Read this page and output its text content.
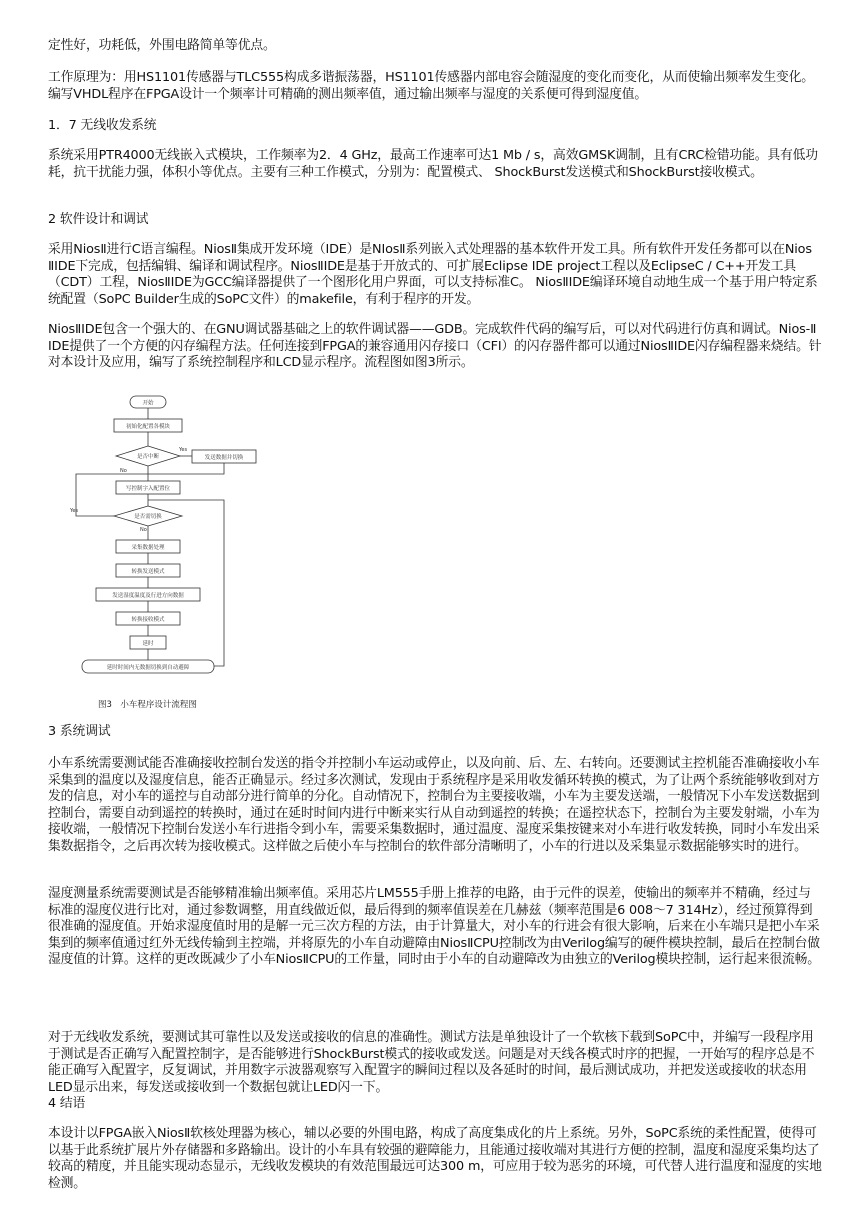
定性好，功耗低，外围电路简单等优点。

工作原理为：用HS1101传感器与TLC555构成多谐振荡器，HS1101传感器内部电容会随湿度的变化而变化，从而使输出频率发生变化。编写VHDL程序在FPGA设计一个频率计可精确的测出频率值，通过输出频率与湿度的关系便可得到湿度值。

1．7 无线收发系统

系统采用PTR4000无线嵌入式模块，工作频率为2．4 GHz，最高工作速率可达1 Mb / s，高效GMSK调制，且有CRC检错功能。具有低功耗，抗干扰能力强，体积小等优点。主要有三种工作模式，分别为：配置模式、 ShockBurst发送模式和ShockBurst接收模式。

2 软件设计和调试

采用NiosⅡ进行C语言编程。NiosⅡ集成开发环境（IDE）是NIosⅡ系列嵌入式处理器的基本软件开发工具。所有软件开发任务都可以在Nios ⅡIDE下完成，包括编辑、编译和调试程序。NiosⅡIDE是基于开放式的、可扩展Eclipse IDE project工程以及EclipseC / C++开发工具（CDT）工程，NiosⅡIDE为GCC编译器提供了一个图形化用户界面，可以支持标准C。 NiosⅡIDE编译环境自动地生成一个基于用户特定系统配置（SoPC Builder生成的SoPC文件）的makefile，有利于程序的开发。

NiosⅡIDE包含一个强大的、在GNU调试器基础之上的软件调试器——GDB。完成软件代码的编写后，可以对代码进行仿真和调试。Nios-Ⅱ IDE提供了一个方便的闪存编程方法。任何连接到FPGA的兼容通用闪存接口（CFI）的闪存器件都可以通过NiosⅡIDE闪存编程器来烧结。针对本设计及应用，编写了系统控制程序和LCD显示程序。流程图如图3所示。

开始
初始化配置各模块
是否中断
Yes
发送数据并切换
No
写控制字入配置位
是否需切换
Yes
No
采集数据处理
转换发送模式
发送湿度温度及行进方向数据
转换接收模式
延时
延时时间内无数据切换到自动避障
图3　小车程序设计流程图

3 系统调试

小车系统需要测试能否准确接收控制台发送的指令并控制小车运动或停止，以及向前、后、左、右转向。还要测试主控机能否准确接收小车采集到的温度以及湿度信息，能否正确显示。经过多次测试，发现由于系统程序是采用收发循环转换的模式，为了让两个系统能够收到对方发的信息，对小车的遥控与自动部分进行简单的分化。自动情况下，控制台为主要接收端，小车为主要发送端，一般情况下小车发送数据到控制台，需要自动到遥控的转换时，通过在延时时间内进行中断来实行从自动到遥控的转换；在遥控状态下，控制台为主要发射端，小车为接收端，一般情况下控制台发送小车行进指令到小车，需要采集数据时，通过温度、湿度采集按键来对小车进行收发转换，同时小车发出采集数据指令，之后再次转为接收模式。这样做之后使小车与控制台的软件部分清晰明了，小车的行进以及采集显示数据能够实时的进行。

湿度测量系统需要测试是否能够精准输出频率值。采用芯片LM555手册上推荐的电路，由于元件的误差，使输出的频率并不精确，经过与标准的湿度仪进行比对，通过参数调整，用直线做近似，最后得到的频率值误差在几赫兹（频率范围是6 008～7 314Hz），经过预算得到很准确的湿度值。开始求湿度值时用的是解一元三次方程的方法，由于计算量大，对小车的行进会有很大影响，后来在小车端只是把小车采集到的频率值通过红外无线传输到主控端，并将原先的小车自动避障由NiosⅡCPU控制改为由Verilog编写的硬件模块控制，最后在控制台做湿度值的计算。这样的更改既减少了小车NiosⅡCPU的工作量，同时由于小车的自动避障改为由独立的Verilog模块控制，运行起来很流畅。

对于无线收发系统，要测试其可靠性以及发送或接收的信息的准确性。测试方法是单独设计了一个软核下载到SoPC中，并编写一段程序用于测试是否正确写入配置控制字，是否能够进行ShockBurst模式的接收或发送。问题是对天线各模式时序的把握，一开始写的程序总是不能正确写入配置字，反复调试，并用数字示波器观察写入配置字的瞬间过程以及各延时的时间，最后测试成功，并把发送或接收的状态用LED显示出来，每发送或接收到一个数据包就让LED闪一下。

4 结语

本设计以FPGA嵌入NiosⅡ软核处理器为核心，辅以必要的外围电路，构成了高度集成化的片上系统。另外，SoPC系统的柔性配置，使得可以基于此系统扩展片外存储器和多路输出。设计的小车具有较强的避障能力，且能通过接收端对其进行方便的控制，温度和湿度采集均达了较高的精度，并且能实现动态显示，无线收发模块的有效范围最远可达300 m，可应用于较为恶劣的环境，可代替人进行温度和湿度的实地检测。
